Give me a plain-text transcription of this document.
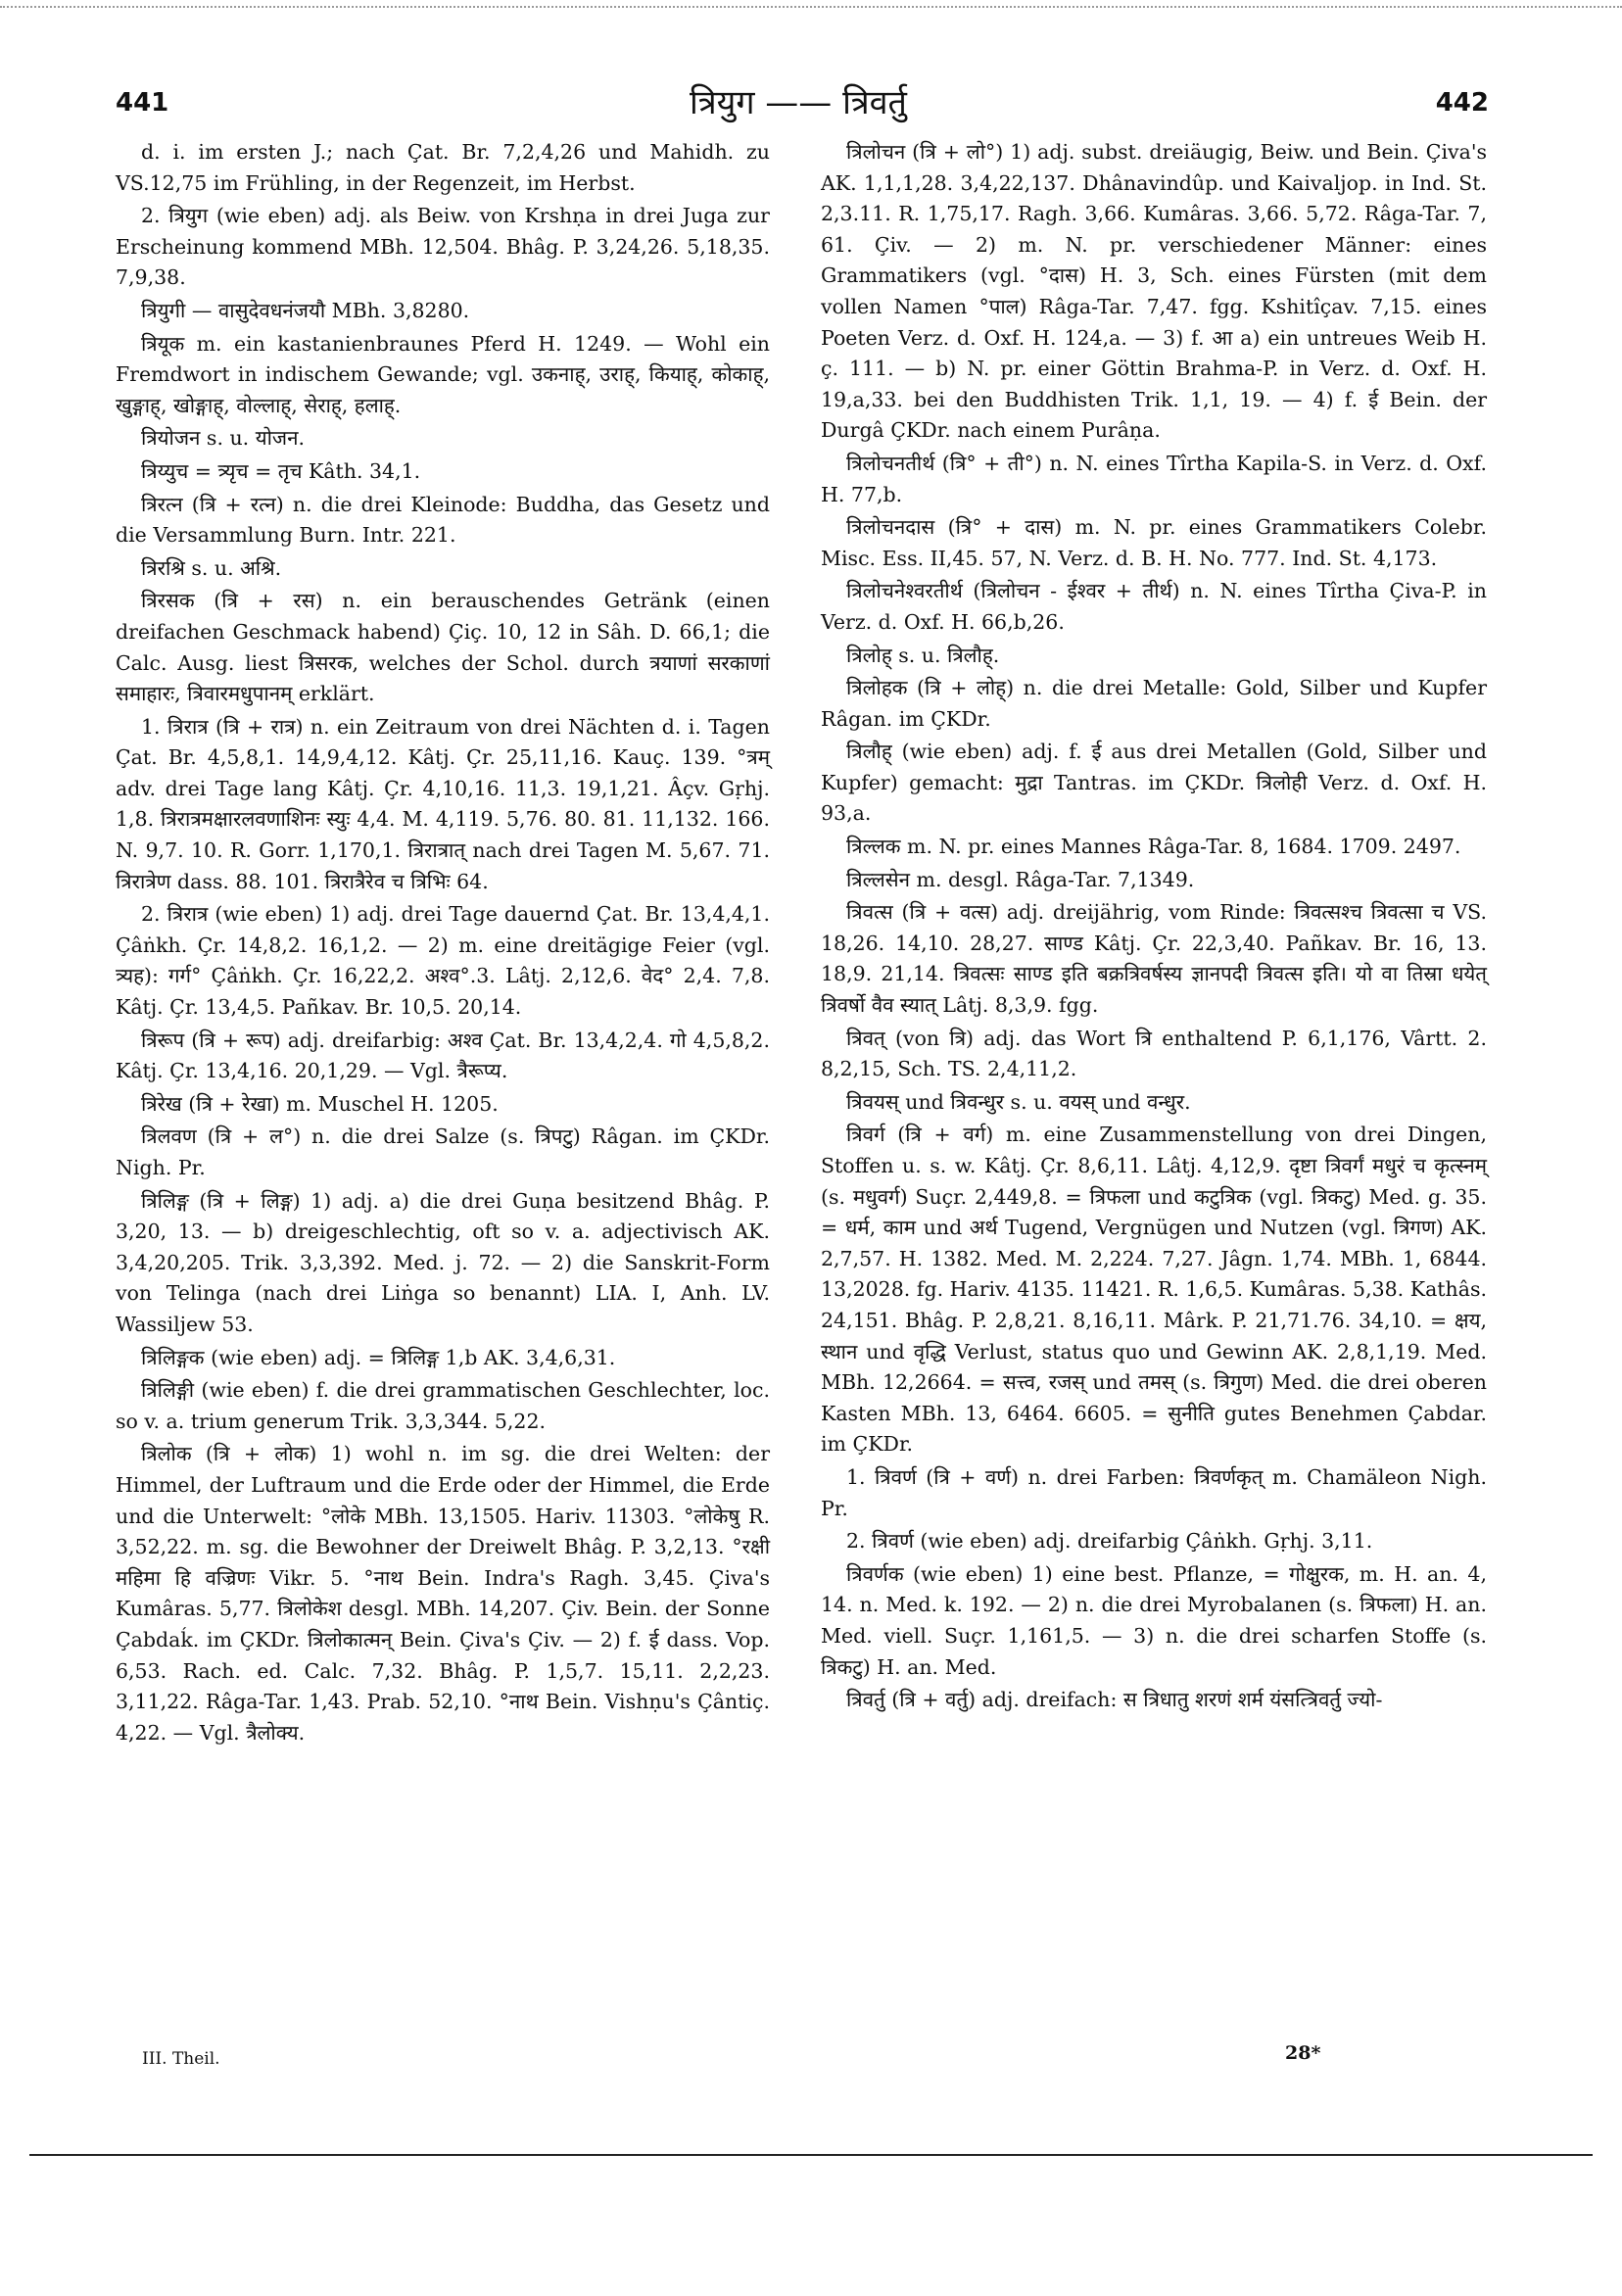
441	त्रियुग —— त्रिवर्तु	442

d. i. im ersten J.; nach Çat. Br. 7,2,4,26 und Mahidh. zu VS.12,75 im Frühling, in der Regenzeit, im Herbst.

2. त्रियुग (wie eben) adj. als Beiw. von Krshṇa in drei Juga zur Erscheinung kommend MBh. 12,504. Bhâg. P. 3,24,26. 5,18,35. 7,9,38.

त्रियुगी — वासुदेवधनंजयौ MBh. 3,8280.

त्रियूक m. ein kastanienbraunes Pferd H. 1249. — Wohl ein Fremdwort in indischem Gewande; vgl. उकनाह्, उराह्, कियाह्, कोकाह्, खुङ्गाह्, खोङ्गाह्, वोल्लाह्, सेराह्, हलाह्.

त्रियोजन s. u. योजन.

त्रिय्युच = त्र्यृच = तृच Kâth. 34,1.

त्रिरत्न (त्रि + रत्न) n. die drei Kleinode: Buddha, das Gesetz und die Versammlung Burn. Intr. 221.

त्रिरश्रि s. u. अश्रि.

त्रिरसक (त्रि + रस) n. ein berauschendes Getränk (einen dreifachen Geschmack habend) Çiç. 10, 12 in Sâh. D. 66,1; die Calc. Ausg. liest त्रिसरक, welches der Schol. durch त्रयाणां सरकाणां समाहारः, त्रिवारमधुपानम् erklärt.

1. त्रिरात्र (त्रि + रात्र) n. ein Zeitraum von drei Nächten d. i. Tagen Çat. Br. 4,5,8,1. 14,9,4,12. Kâtj. Çr. 25,11,16. Kauç. 139. °त्रम् adv. drei Tage lang Kâtj. Çr. 4,10,16. 11,3. 19,1,21. Âçv. Gṛhj. 1,8. त्रिरात्रमक्षारलवणाशिनः स्युः 4,4. M. 4,119. 5,76. 80. 81. 11,132. 166. N. 9,7. 10. R. Gorr. 1,170,1. त्रिरात्रात् nach drei Tagen M. 5,67. 71. त्रिरात्रेण dass. 88. 101. त्रिरात्रैरेव च त्रिभिः 64.

2. त्रिरात्र (wie eben) 1) adj. drei Tage dauernd Çat. Br. 13,4,4,1. Çâṅkh. Çr. 14,8,2. 16,1,2. — 2) m. eine dreitägige Feier (vgl. त्र्यह): गर्ग° Çâṅkh. Çr. 16,22,2. अश्व°.3. Lâtj. 2,12,6. वेद° 2,4. 7,8. Kâtj. Çr. 13,4,5. Pañkav. Br. 10,5. 20,14.

त्रिरूप (त्रि + रूप) adj. dreifarbig: अश्व Çat. Br. 13,4,2,4. गो 4,5,8,2. Kâtj. Çr. 13,4,16. 20,1,29. — Vgl. त्रैरूप्य.

त्रिरेख (त्रि + रेखा) m. Muschel H. 1205.

त्रिलवण (त्रि + ल°) n. die drei Salze (s. त्रिपटु) Râgan. im ÇKDr. Nigh. Pr.

त्रिलिङ्ग (त्रि + लिङ्ग) 1) adj. a) die drei Guṇa besitzend Bhâg. P. 3,20, 13. — b) dreigeschlechtig, oft so v. a. adjectivisch AK. 3,4,20,205. Trik. 3,3,392. Med. j. 72. — 2) die Sanskrit-Form von Telinga (nach drei Liṅga so benannt) LIA. I, Anh. LV. Wassiljew 53.

त्रिलिङ्गक (wie eben) adj. = त्रिलिङ्ग 1,b AK. 3,4,6,31.

त्रिलिङ्गी (wie eben) f. die drei grammatischen Geschlechter, loc. so v. a. trium generum Trik. 3,3,344. 5,22.

त्रिलोक (त्रि + लोक) 1) wohl n. im sg. die drei Welten: der Himmel, der Luftraum und die Erde oder der Himmel, die Erde und die Unterwelt: °लोके MBh. 13,1505. Hariv. 11303. °लोकेषु R. 3,52,22. m. sg. die Bewohner der Dreiwelt Bhâg. P. 3,2,13. °रक्षी महिमा हि वज्रिणः Vikr. 5. °नाथ Bein. Indra's Ragh. 3,45. Çiva's Kumâras. 5,77. त्रिलोकेश desgl. MBh. 14,207. Çiv. Bein. der Sonne Çabdaḱ. im ÇKDr. त्रिलोकात्मन् Bein. Çiva's Çiv. — 2) f. ई dass. Vop. 6,53. Rach. ed. Calc. 7,32. Bhâg. P. 1,5,7. 15,11. 2,2,23. 3,11,22. Râga-Tar. 1,43. Prab. 52,10. °नाथ Bein. Vishṇu's Çântiç. 4,22. — Vgl. त्रैलोक्य.

त्रिलोचन (त्रि + लो°) 1) adj. subst. dreiäugig, Beiw. und Bein. Çiva's AK. 1,1,1,28. 3,4,22,137. Dhânavindûp. und Kaivaljop. in Ind. St. 2,3.11. R. 1,75,17. Ragh. 3,66. Kumâras. 3,66. 5,72. Râga-Tar. 7, 61. Çiv. — 2) m. N. pr. verschiedener Männer: eines Grammatikers (vgl. °दास) H. 3, Sch. eines Fürsten (mit dem vollen Namen °पाल) Râga-Tar. 7,47. fgg. Kshitîçav. 7,15. eines Poeten Verz. d. Oxf. H. 124,a. — 3) f. आ a) ein untreues Weib H. ç. 111. — b) N. pr. einer Göttin Brahma-P. in Verz. d. Oxf. H. 19,a,33. bei den Buddhisten Trik. 1,1, 19. — 4) f. ई Bein. der Durgâ ÇKDr. nach einem Purâṇa.

त्रिलोचनतीर्थ (त्रि° + ती°) n. N. eines Tîrtha Kapila-S. in Verz. d. Oxf. H. 77,b.

त्रिलोचनदास (त्रि° + दास) m. N. pr. eines Grammatikers Colebr. Misc. Ess. II,45. 57, N. Verz. d. B. H. No. 777. Ind. St. 4,173.

त्रिलोचनेश्वरतीर्थ (त्रिलोचन - ईश्वर + तीर्थ) n. N. eines Tîrtha Çiva-P. in Verz. d. Oxf. H. 66,b,26.

त्रिलोह् s. u. त्रिलौह्.

त्रिलोहक (त्रि + लोह्) n. die drei Metalle: Gold, Silber und Kupfer Râgan. im ÇKDr.

त्रिलौह् (wie eben) adj. f. ई aus drei Metallen (Gold, Silber und Kupfer) gemacht: मुद्रा Tantras. im ÇKDr. त्रिलोही Verz. d. Oxf. H. 93,a.

त्रिल्लक m. N. pr. eines Mannes Râga-Tar. 8, 1684. 1709. 2497.

त्रिल्लसेन m. desgl. Râga-Tar. 7,1349.

त्रिवत्स (त्रि + वत्स) adj. dreijährig, vom Rinde: त्रिवत्सश्च त्रिवत्सा च VS. 18,26. 14,10. 28,27. साण्ड Kâtj. Çr. 22,3,40. Pañkav. Br. 16, 13. 18,9. 21,14. त्रिवत्सः साण्ड इति बक्रत्रिवर्षस्य ज्ञानपदी त्रिवत्स इति। यो वा तिस्रा धयेत् त्रिवर्षो वैव स्यात् Lâtj. 8,3,9. fgg.

त्रिवत् (von त्रि) adj. das Wort त्रि enthaltend P. 6,1,176, Vârtt. 2. 8,2,15, Sch. TS. 2,4,11,2.

त्रिवयस् und त्रिवन्धुर s. u. वयस् und वन्धुर.

त्रिवर्ग (त्रि + वर्ग) m. eine Zusammenstellung von drei Dingen, Stoffen u. s. w. Kâtj. Çr. 8,6,11. Lâtj. 4,12,9. दृष्टा त्रिवर्गं मधुरं च कृत्स्नम् (s. मधुवर्ग) Suçr. 2,449,8. = त्रिफला und कटुत्रिक (vgl. त्रिकटु) Med. g. 35. = धर्म, काम und अर्थ Tugend, Vergnügen und Nutzen (vgl. त्रिगण) AK. 2,7,57. H. 1382. Med. M. 2,224. 7,27. Jâgn. 1,74. MBh. 1, 6844. 13,2028. fg. Hariv. 4135. 11421. R. 1,6,5. Kumâras. 5,38. Kathâs. 24,151. Bhâg. P. 2,8,21. 8,16,11. Mârk. P. 21,71.76. 34,10. = क्षय, स्थान und वृद्धि Verlust, status quo und Gewinn AK. 2,8,1,19. Med. MBh. 12,2664. = सत्त्व, रजस् und तमस् (s. त्रिगुण) Med. die drei oberen Kasten MBh. 13, 6464. 6605. = सुनीति gutes Benehmen Çabdar. im ÇKDr.

1. त्रिवर्ण (त्रि + वर्ण) n. drei Farben: त्रिवर्णकृत् m. Chamäleon Nigh. Pr.

2. त्रिवर्ण (wie eben) adj. dreifarbig Çâṅkh. Gṛhj. 3,11.

त्रिवर्णक (wie eben) 1) eine best. Pflanze, = गोक्षुरक, m. H. an. 4, 14. n. Med. k. 192. — 2) n. die drei Myrobalanen (s. त्रिफला) H. an. Med. viell. Suçr. 1,161,5. — 3) n. die drei scharfen Stoffe (s. त्रिकटु) H. an. Med.

त्रिवर्तु (त्रि + वर्तु) adj. dreifach: स त्रिधातु शरणं शर्म यंसत्त्रिवर्तु ज्यो-

III. Theil.	28*
